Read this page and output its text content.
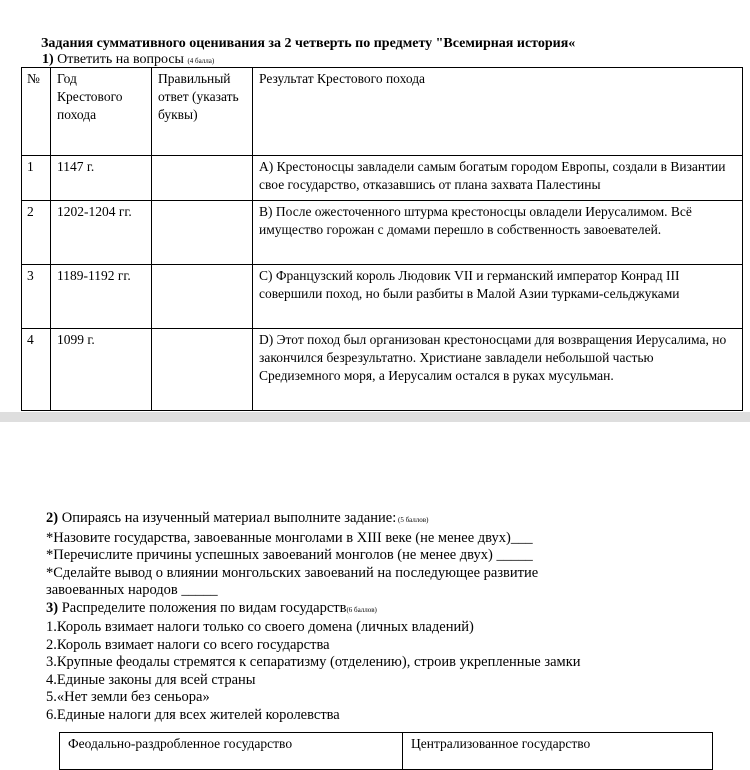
Задания суммативного оценивания за 2 четверть по предмету "Всемирная история«
1) Ответить на вопросы (4 балла)
№	Год Крестового похода	Правильный ответ (указать буквы)	Результат Крестового похода
1	1147 г.		А) Крестоносцы завладели самым богатым городом Европы, создали в Византии свое государство, отказавшись от плана захвата Палестины
2	1202-1204 гг.		В) После ожесточенного штурма крестоносцы овладели Иерусалимом. Всё имущество горожан с домами перешло в собственность завоевателей.
3	1189-1192 гг.		С) Французский король Людовик VII и германский император Конрад III совершили поход, но были разбиты в Малой Азии турками-сельджуками
4	1099 г.		D) Этот поход был организован крестоносцами для возвращения Иерусалима, но закончился безрезультатно. Христиане завладели небольшой частью Средиземного моря, а Иерусалим остался в руках мусульман.

2) Опираясь на изученный материал выполните задание: (5 баллов)

*Назовите государства, завоеванные монголами в XIII веке (не менее двух)___

*Перечислите причины успешных завоеваний монголов (не менее двух) _____

*Сделайте вывод о влиянии монгольских завоеваний на последующее развитие

завоеванных народов _____

3) Распределите положения по видам государств(6 баллов)

1.Король взимает налоги только со своего домена (личных владений)

2.Король взимает налоги со всего государства

3.Крупные феодалы стремятся к сепаратизму (отделению), строив укрепленные замки

4.Единые законы для всей страны

5.«Нет земли без сеньора»

6.Единые налоги для всех жителей королевства

Феодально-раздробленное государство	Централизованное государство
